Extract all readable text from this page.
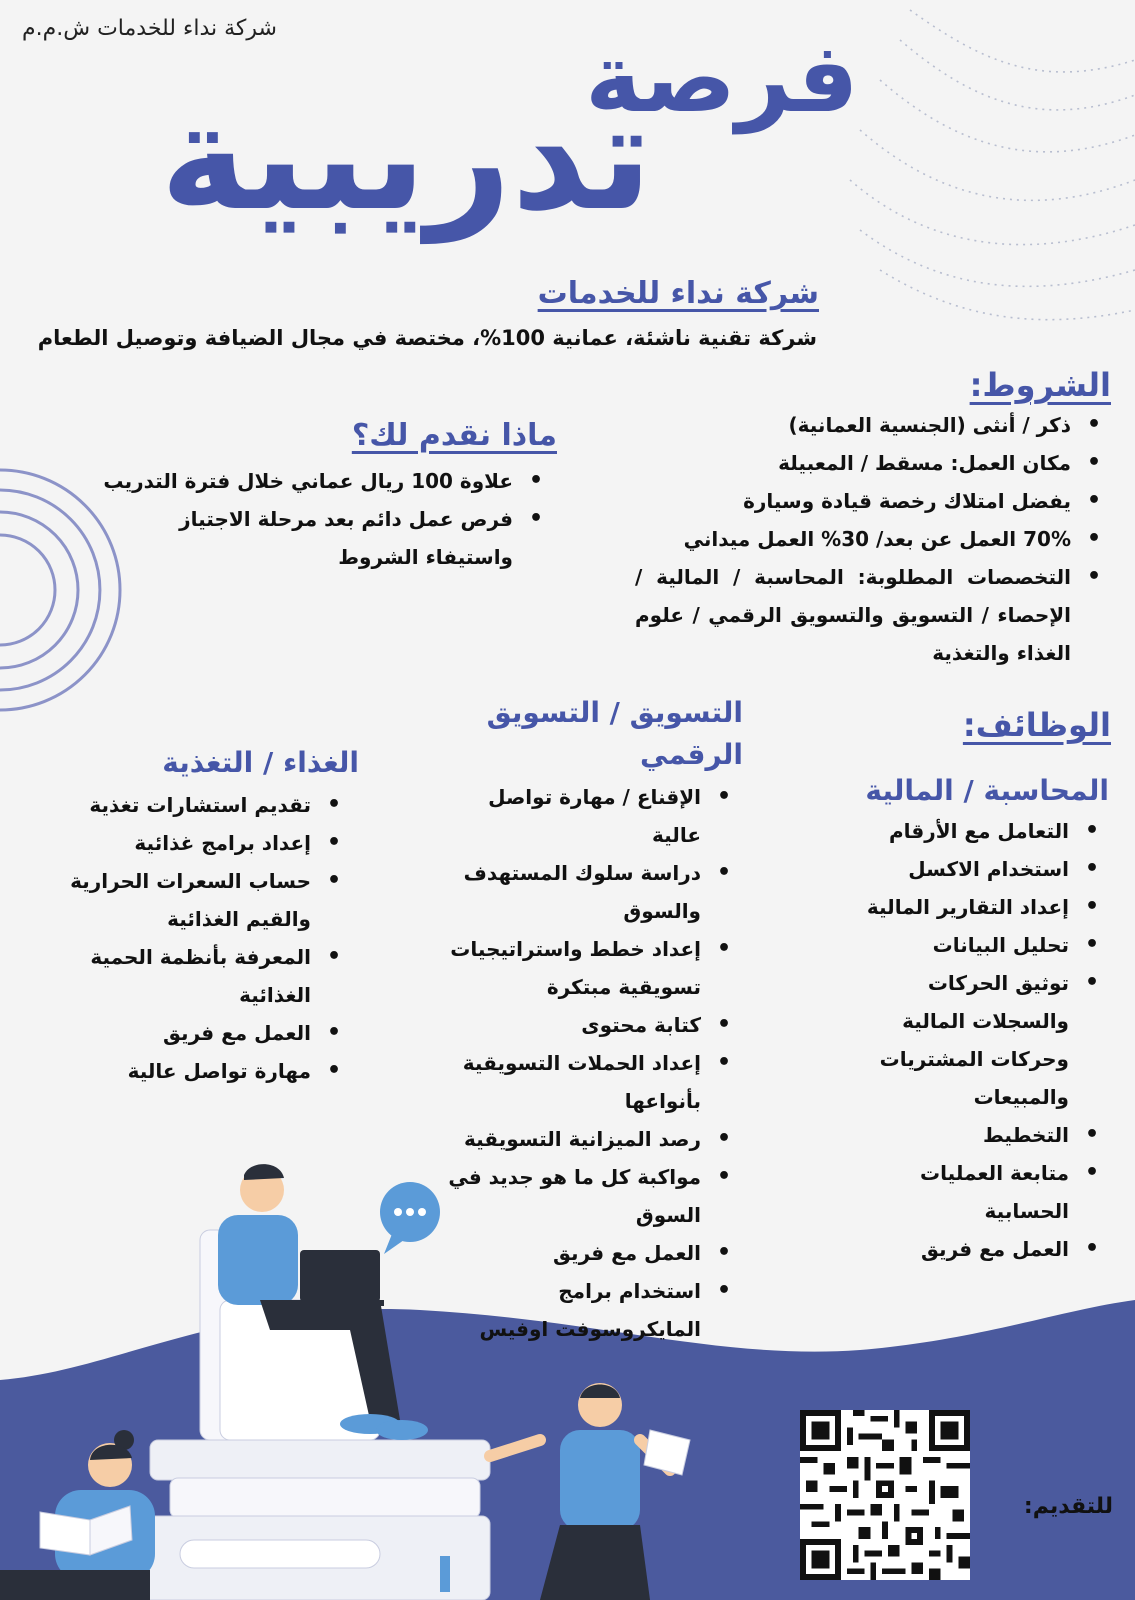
شركة نداء للخدمات ش.م.م	فرصة
تدريبية
شركة نداء للخدمات
شركة تقنية ناشئة، عمانية 100%، مختصة في مجال الضيافة وتوصيل الطعام
الشروط:
• ذكر / أنثى (الجنسية العمانية)
• مكان العمل: مسقط / المعبيلة
• يفضل امتلاك رخصة قيادة وسيارة
• 70% العمل عن بعد/ 30% العمل ميداني
• التخصصات المطلوبة: المحاسبة / المالية / الإحصاء / التسويق والتسويق الرقمي / علوم الغذاء والتغذية
ماذا نقدم لك؟
• علاوة 100 ريال عماني خلال فترة التدريب
• فرص عمل دائم بعد مرحلة الاجتياز واستيفاء الشروط
الوظائف:
المحاسبة / المالية
• التعامل مع الأرقام
• استخدام الاكسل
• إعداد التقارير المالية
• تحليل البيانات
• توثيق الحركات والسجلات المالية وحركات المشتريات والمبيعات
• التخطيط
• متابعة العمليات الحسابية
• العمل مع فريق
التسويق / التسويق الرقمي
• الإقناع / مهارة تواصل عالية
• دراسة سلوك المستهدف والسوق
• إعداد خطط واستراتيجيات تسويقية مبتكرة
• كتابة محتوى
• إعداد الحملات التسويقية بأنواعها
• رصد الميزانية التسويقية
• مواكبة كل ما هو جديد في السوق
• العمل مع فريق
• استخدام برامج المايكروسوفت اوفيس
الغذاء / التغذية
• تقديم استشارات تغذية
• إعداد برامج غذائية
• حساب السعرات الحرارية والقيم الغذائية
• المعرفة بأنظمة الحمية الغذائية
• العمل مع فريق
• مهارة تواصل عالية
للتقديم:
